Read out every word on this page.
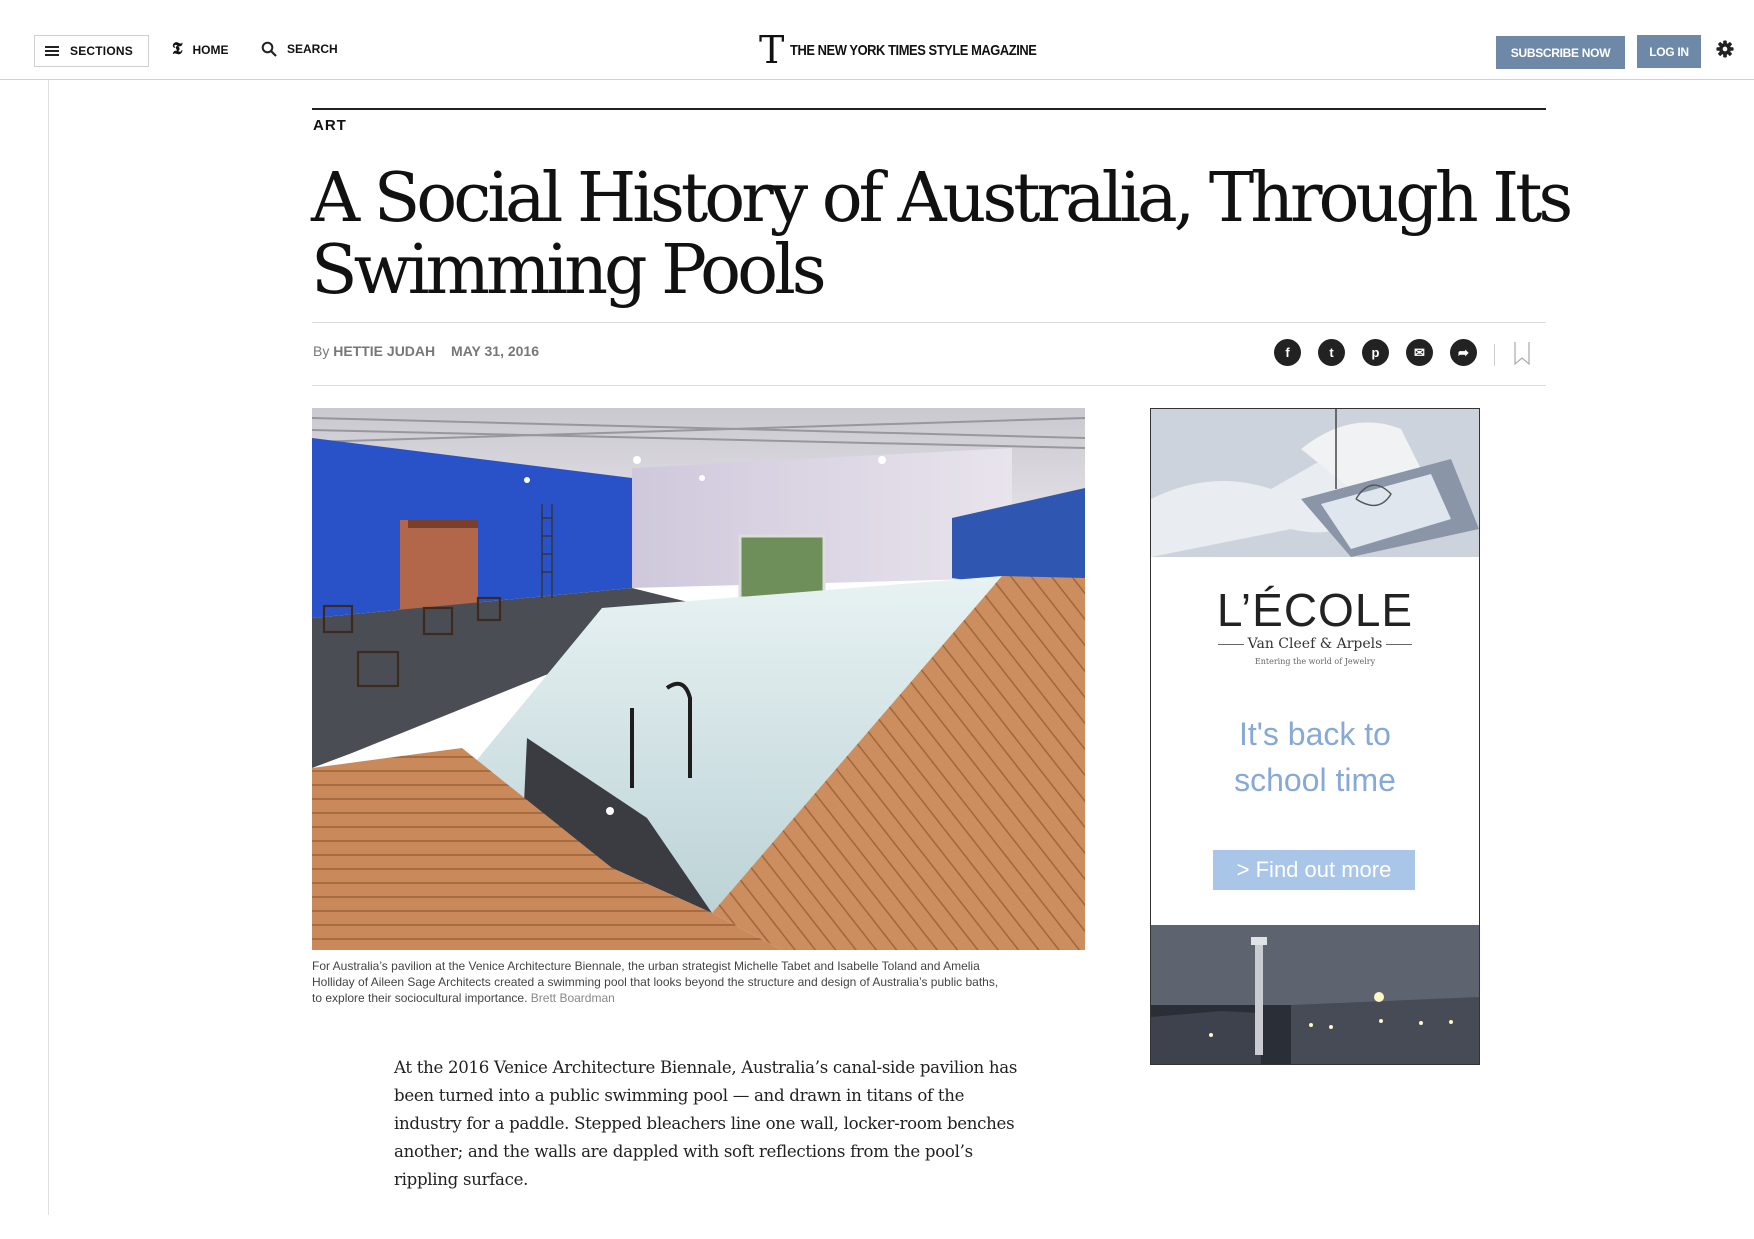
SECTIONS 𝕿 HOME	SEARCH	T THE NEW YORK TIMES STYLE MAGAZINE	SUBSCRIBE NOW	LOG IN
ART
A Social History of Australia, Through Its Swimming Pools
By HETTIE JUDAH MAY 31, 2016	f	t	p	✉	➦
For Australia’s pavilion at the Venice Architecture Biennale, the urban strategist Michelle Tabet and Isabelle Toland and Amelia Holliday of Aileen Sage Architects created a swimming pool that looks beyond the structure and design of Australia’s public baths, to explore their sociocultural importance. Brett Boardman

At the 2016 Venice Architecture Biennale, Australia’s canal-side pavilion has been turned into a public swimming pool — and drawn in titans of the industry for a paddle. Stepped bleachers line one wall, locker-room benches another; and the walls are dappled with soft reflections from the pool’s rippling surface.

L’ÉCOLE
Van Cleef & Arpels
Entering the world of Jewelry
It's back to
school time
> Find out more
